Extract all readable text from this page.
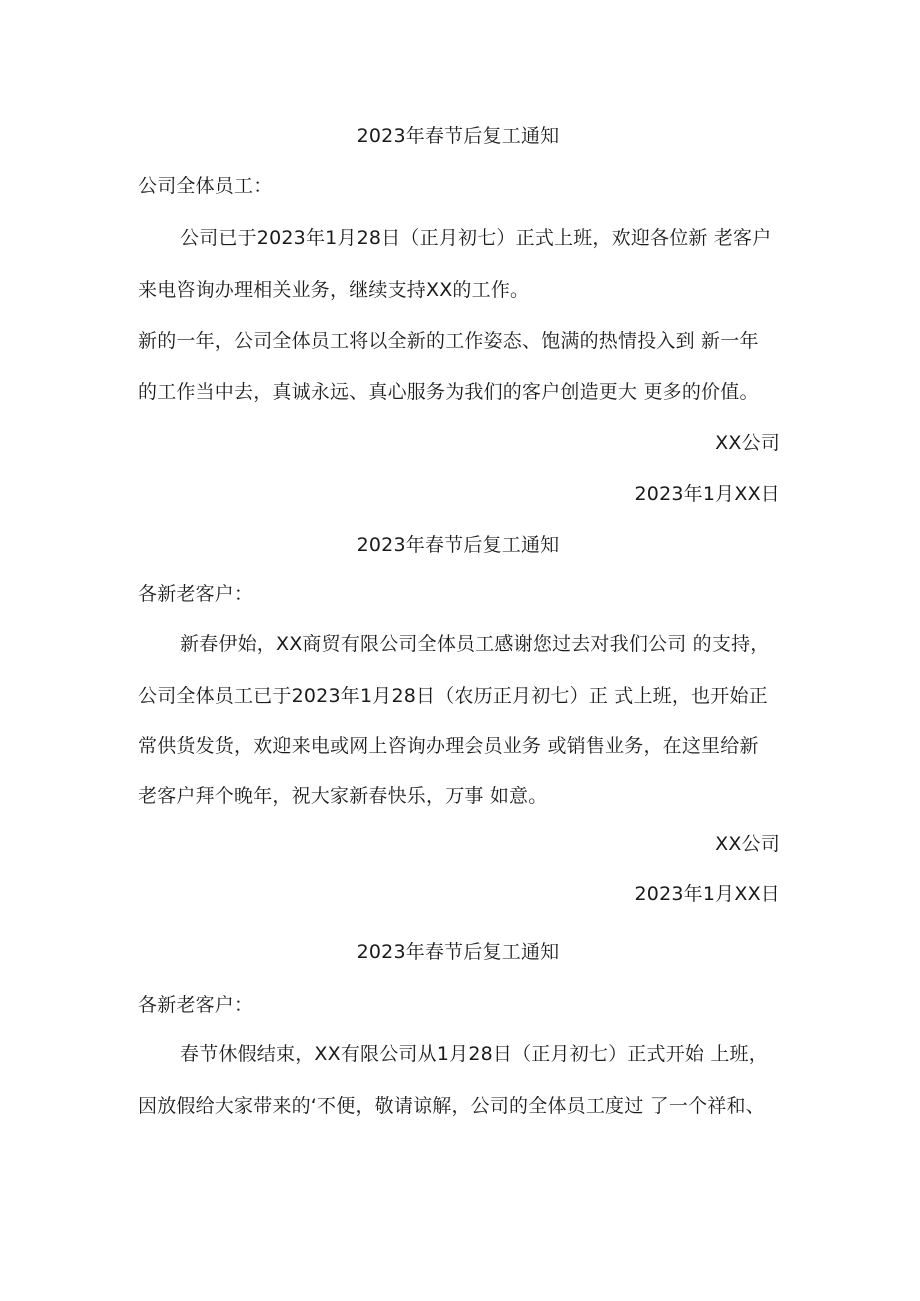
2023年春节后复工通知
公司全体员工：
公司已于2023年1月28日（正月初七）正式上班，欢迎各位新 老客户
来电咨询办理相关业务，继续支持XX的工作。
新的一年，公司全体员工将以全新的工作姿态、饱满的热情投入到 新一年
的工作当中去，真诚永远、真心服务为我们的客户创造更大 更多的价值。
XX公司
2023年1月XX日
2023年春节后复工通知
各新老客户：
新春伊始，XX商贸有限公司全体员工感谢您过去对我们公司 的支持，
公司全体员工已于2023年1月28日（农历正月初七）正 式上班，也开始正
常供货发货，欢迎来电或网上咨询办理会员业务 或销售业务，在这里给新
老客户拜个晚年，祝大家新春快乐，万事 如意。
XX公司
2023年1月XX日
2023年春节后复工通知
各新老客户：
春节休假结束，XX有限公司从1月28日（正月初七）正式开始 上班，
因放假给大家带来的‘不便，敬请谅解，公司的全体员工度过 了一个祥和、
